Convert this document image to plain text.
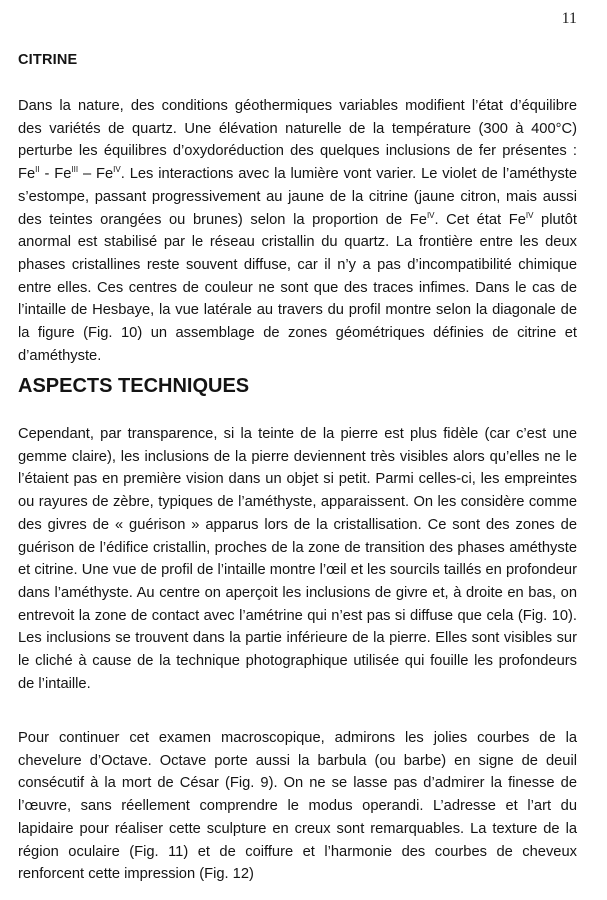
11
CITRINE

Dans la nature, des conditions géothermiques variables modifient l’état d’équilibre des variétés de quartz. Une élévation naturelle de la température (300 à 400°C) perturbe les équilibres d’oxydoréduction des quelques inclusions de fer présentes : $Fe^{II} - Fe^{III} - Fe^{IV}$. Les interactions avec la lumière vont varier. Le violet de l’améthyste s’estompe, passant progressivement au jaune de la citrine (jaune citron, mais aussi des teintes orangées ou brunes) selon la proportion de $Fe^{IV}$. Cet état $Fe^{IV}$ plutôt anormal est stabilisé par le réseau cristallin du quartz. La frontière entre les deux phases cristallines reste souvent diffuse, car il n’y a pas d’incompatibilité chimique entre elles. Ces centres de couleur ne sont que des traces infimes. Dans le cas de l’intaille de Hesbaye, la vue latérale au travers du profil montre selon la diagonale de la figure (Fig. 10) un assemblage de zones géométriques définies de citrine et d’améthyste.

ASPECTS TECHNIQUES

Cependant, par transparence, si la teinte de la pierre est plus fidèle (car c’est une gemme claire), les inclusions de la pierre deviennent très visibles alors qu’elles ne le l’étaient pas en première vision dans un objet si petit. Parmi celles-ci, les empreintes ou rayures de zèbre, typiques de l’améthyste, apparaissent. On les considère comme des givres de « guérison » apparus lors de la cristallisation. Ce sont des zones de guérison de l’édifice cristallin, proches de la zone de transition des phases améthyste et citrine. Une vue de profil de l’intaille montre l’œil et les sourcils taillés en profondeur dans l’améthyste. Au centre on aperçoit les inclusions de givre et, à droite en bas, on entrevoit la zone de contact avec l’amétrine qui n’est pas si diffuse que cela (Fig. 10). Les inclusions se trouvent dans la partie inférieure de la pierre. Elles sont visibles sur le cliché à cause de la technique photographique utilisée qui fouille les profondeurs de l’intaille.

Pour continuer cet examen macroscopique, admirons les jolies courbes de la chevelure d’Octave. Octave porte aussi la barbula (ou barbe) en signe de deuil consécutif à la mort de César (Fig. 9). On ne se lasse pas d’admirer la finesse de l’œuvre, sans réellement comprendre le modus operandi. L’adresse et l’art du lapidaire pour réaliser cette sculpture en creux sont remarquables. La texture de la région oculaire (Fig. 11) et de coiffure et l’harmonie des courbes de cheveux renforcent cette impression (Fig. 12)
